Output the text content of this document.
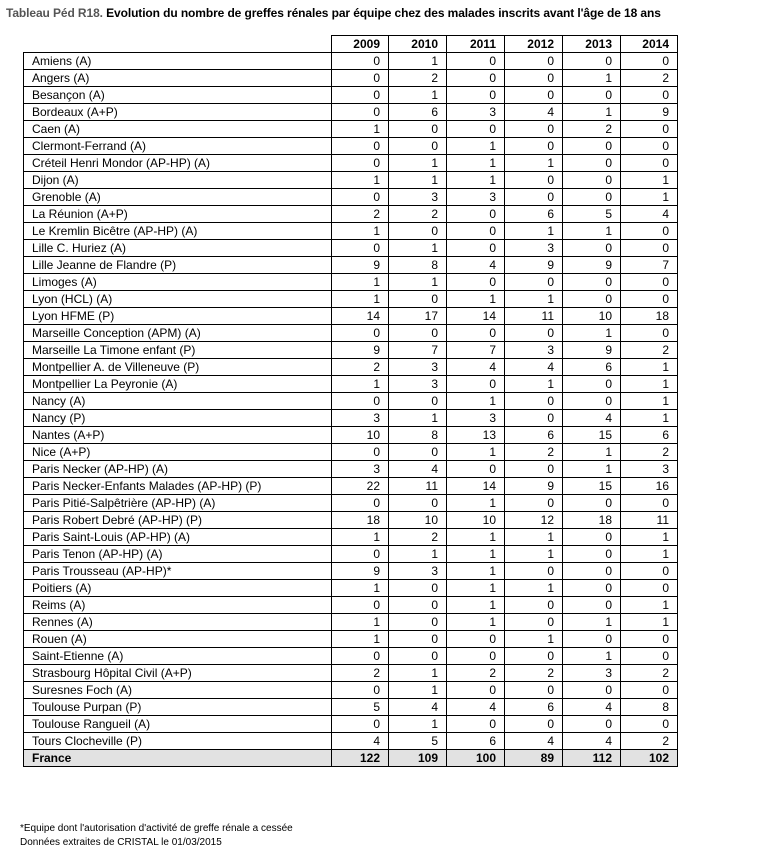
Tableau Péd R18. Evolution du nombre de greffes rénales par équipe chez des malades inscrits avant l'âge de 18 ans
	2009	2010	2011	2012	2013	2014
Amiens (A)	0	1	0	0	0	0
Angers (A)	0	2	0	0	1	2
Besançon (A)	0	1	0	0	0	0
Bordeaux (A+P)	0	6	3	4	1	9
Caen (A)	1	0	0	0	2	0
Clermont-Ferrand (A)	0	0	1	0	0	0
Créteil Henri Mondor (AP-HP) (A)	0	1	1	1	0	0
Dijon (A)	1	1	1	0	0	1
Grenoble (A)	0	3	3	0	0	1
La Réunion (A+P)	2	2	0	6	5	4
Le Kremlin Bicêtre (AP-HP) (A)	1	0	0	1	1	0
Lille C. Huriez (A)	0	1	0	3	0	0
Lille Jeanne de Flandre (P)	9	8	4	9	9	7
Limoges (A)	1	1	0	0	0	0
Lyon (HCL) (A)	1	0	1	1	0	0
Lyon HFME (P)	14	17	14	11	10	18
Marseille Conception (APM) (A)	0	0	0	0	1	0
Marseille La Timone enfant (P)	9	7	7	3	9	2
Montpellier A. de Villeneuve (P)	2	3	4	4	6	1
Montpellier La Peyronie (A)	1	3	0	1	0	1
Nancy (A)	0	0	1	0	0	1
Nancy (P)	3	1	3	0	4	1
Nantes (A+P)	10	8	13	6	15	6
Nice (A+P)	0	0	1	2	1	2
Paris Necker (AP-HP) (A)	3	4	0	0	1	3
Paris Necker-Enfants Malades (AP-HP) (P)	22	11	14	9	15	16
Paris Pitié-Salpêtrière (AP-HP) (A)	0	0	1	0	0	0
Paris Robert Debré (AP-HP) (P)	18	10	10	12	18	11
Paris Saint-Louis (AP-HP) (A)	1	2	1	1	0	1
Paris Tenon (AP-HP) (A)	0	1	1	1	0	1
Paris Trousseau (AP-HP)*	9	3	1	0	0	0
Poitiers (A)	1	0	1	1	0	0
Reims (A)	0	0	1	0	0	1
Rennes (A)	1	0	1	0	1	1
Rouen (A)	1	0	0	1	0	0
Saint-Etienne (A)	0	0	0	0	1	0
Strasbourg Hôpital Civil (A+P)	2	1	2	2	3	2
Suresnes Foch (A)	0	1	0	0	0	0
Toulouse Purpan (P)	5	4	4	6	4	8
Toulouse Rangueil (A)	0	1	0	0	0	0
Tours Clocheville (P)	4	5	6	4	4	2
France	122	109	100	89	112	102
*Equipe dont l'autorisation d'activité de greffe rénale a cessée
Données extraites de CRISTAL le 01/03/2015
